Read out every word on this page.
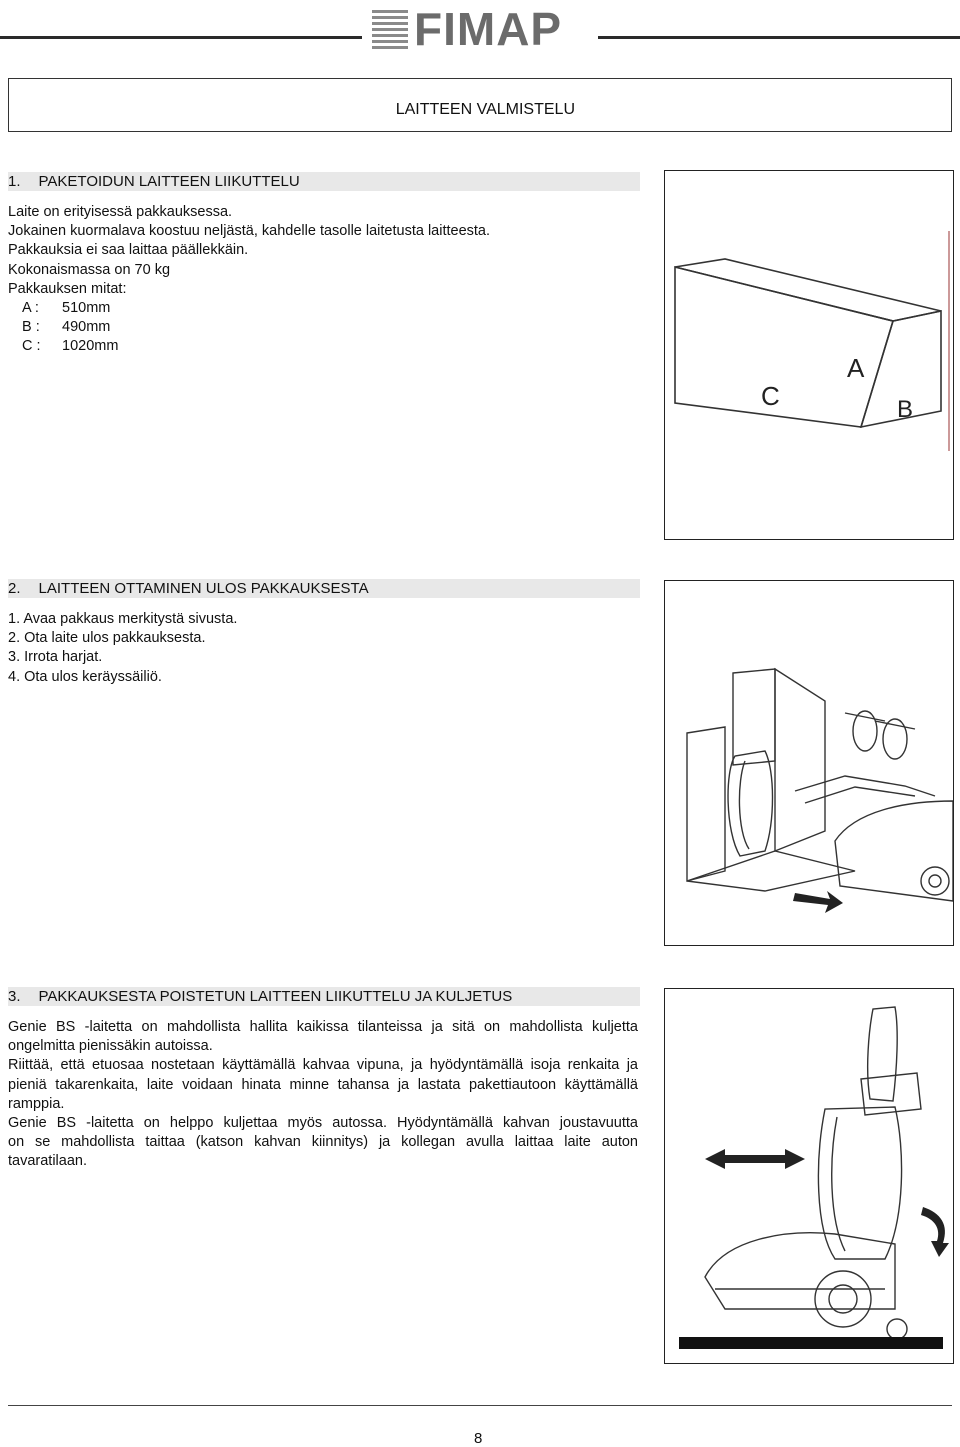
FIMAP
LAITTEEN VALMISTELU
1. PAKETOIDUN LAITTEEN LIIKUTTELU
Laite on erityisessä pakkauksessa.
Jokainen kuormalava koostuu neljästä, kahdelle tasolle laitetusta laitteesta.
Pakkauksia ei saa laittaa päällekkäin.
Kokonaismassa on 70 kg
Pakkauksen mitat:
A :	510mm
B :	490mm
C :	1020mm
A
B
C
2. LAITTEEN OTTAMINEN ULOS PAKKAUKSESTA
1. Avaa pakkaus merkitystä sivusta.
2. Ota laite ulos pakkauksesta.
3. Irrota harjat.
4. Ota ulos keräyssäiliö.
3. PAKKAUKSESTA POISTETUN LAITTEEN LIIKUTTELU JA KULJETUS

Genie BS -laitetta on mahdollista hallita kaikissa tilanteissa ja sitä on mahdollista kuljetta ongelmitta pienissäkin autoissa.

Riittää, että etuosaa nostetaan käyttämällä kahvaa vipuna, ja hyödyntämällä isoja renkaita ja pieniä takarenkaita, laite voidaan hinata minne tahansa ja lastata pakettiautoon käyttämällä ramppia.

Genie BS -laitetta on helppo kuljettaa myös autossa. Hyödyntämällä kahvan joustavuutta

on se mahdollista taittaa (katson kahvan kiinnitys) ja kollegan avulla laittaa laite auton tavaratilaan.

8
